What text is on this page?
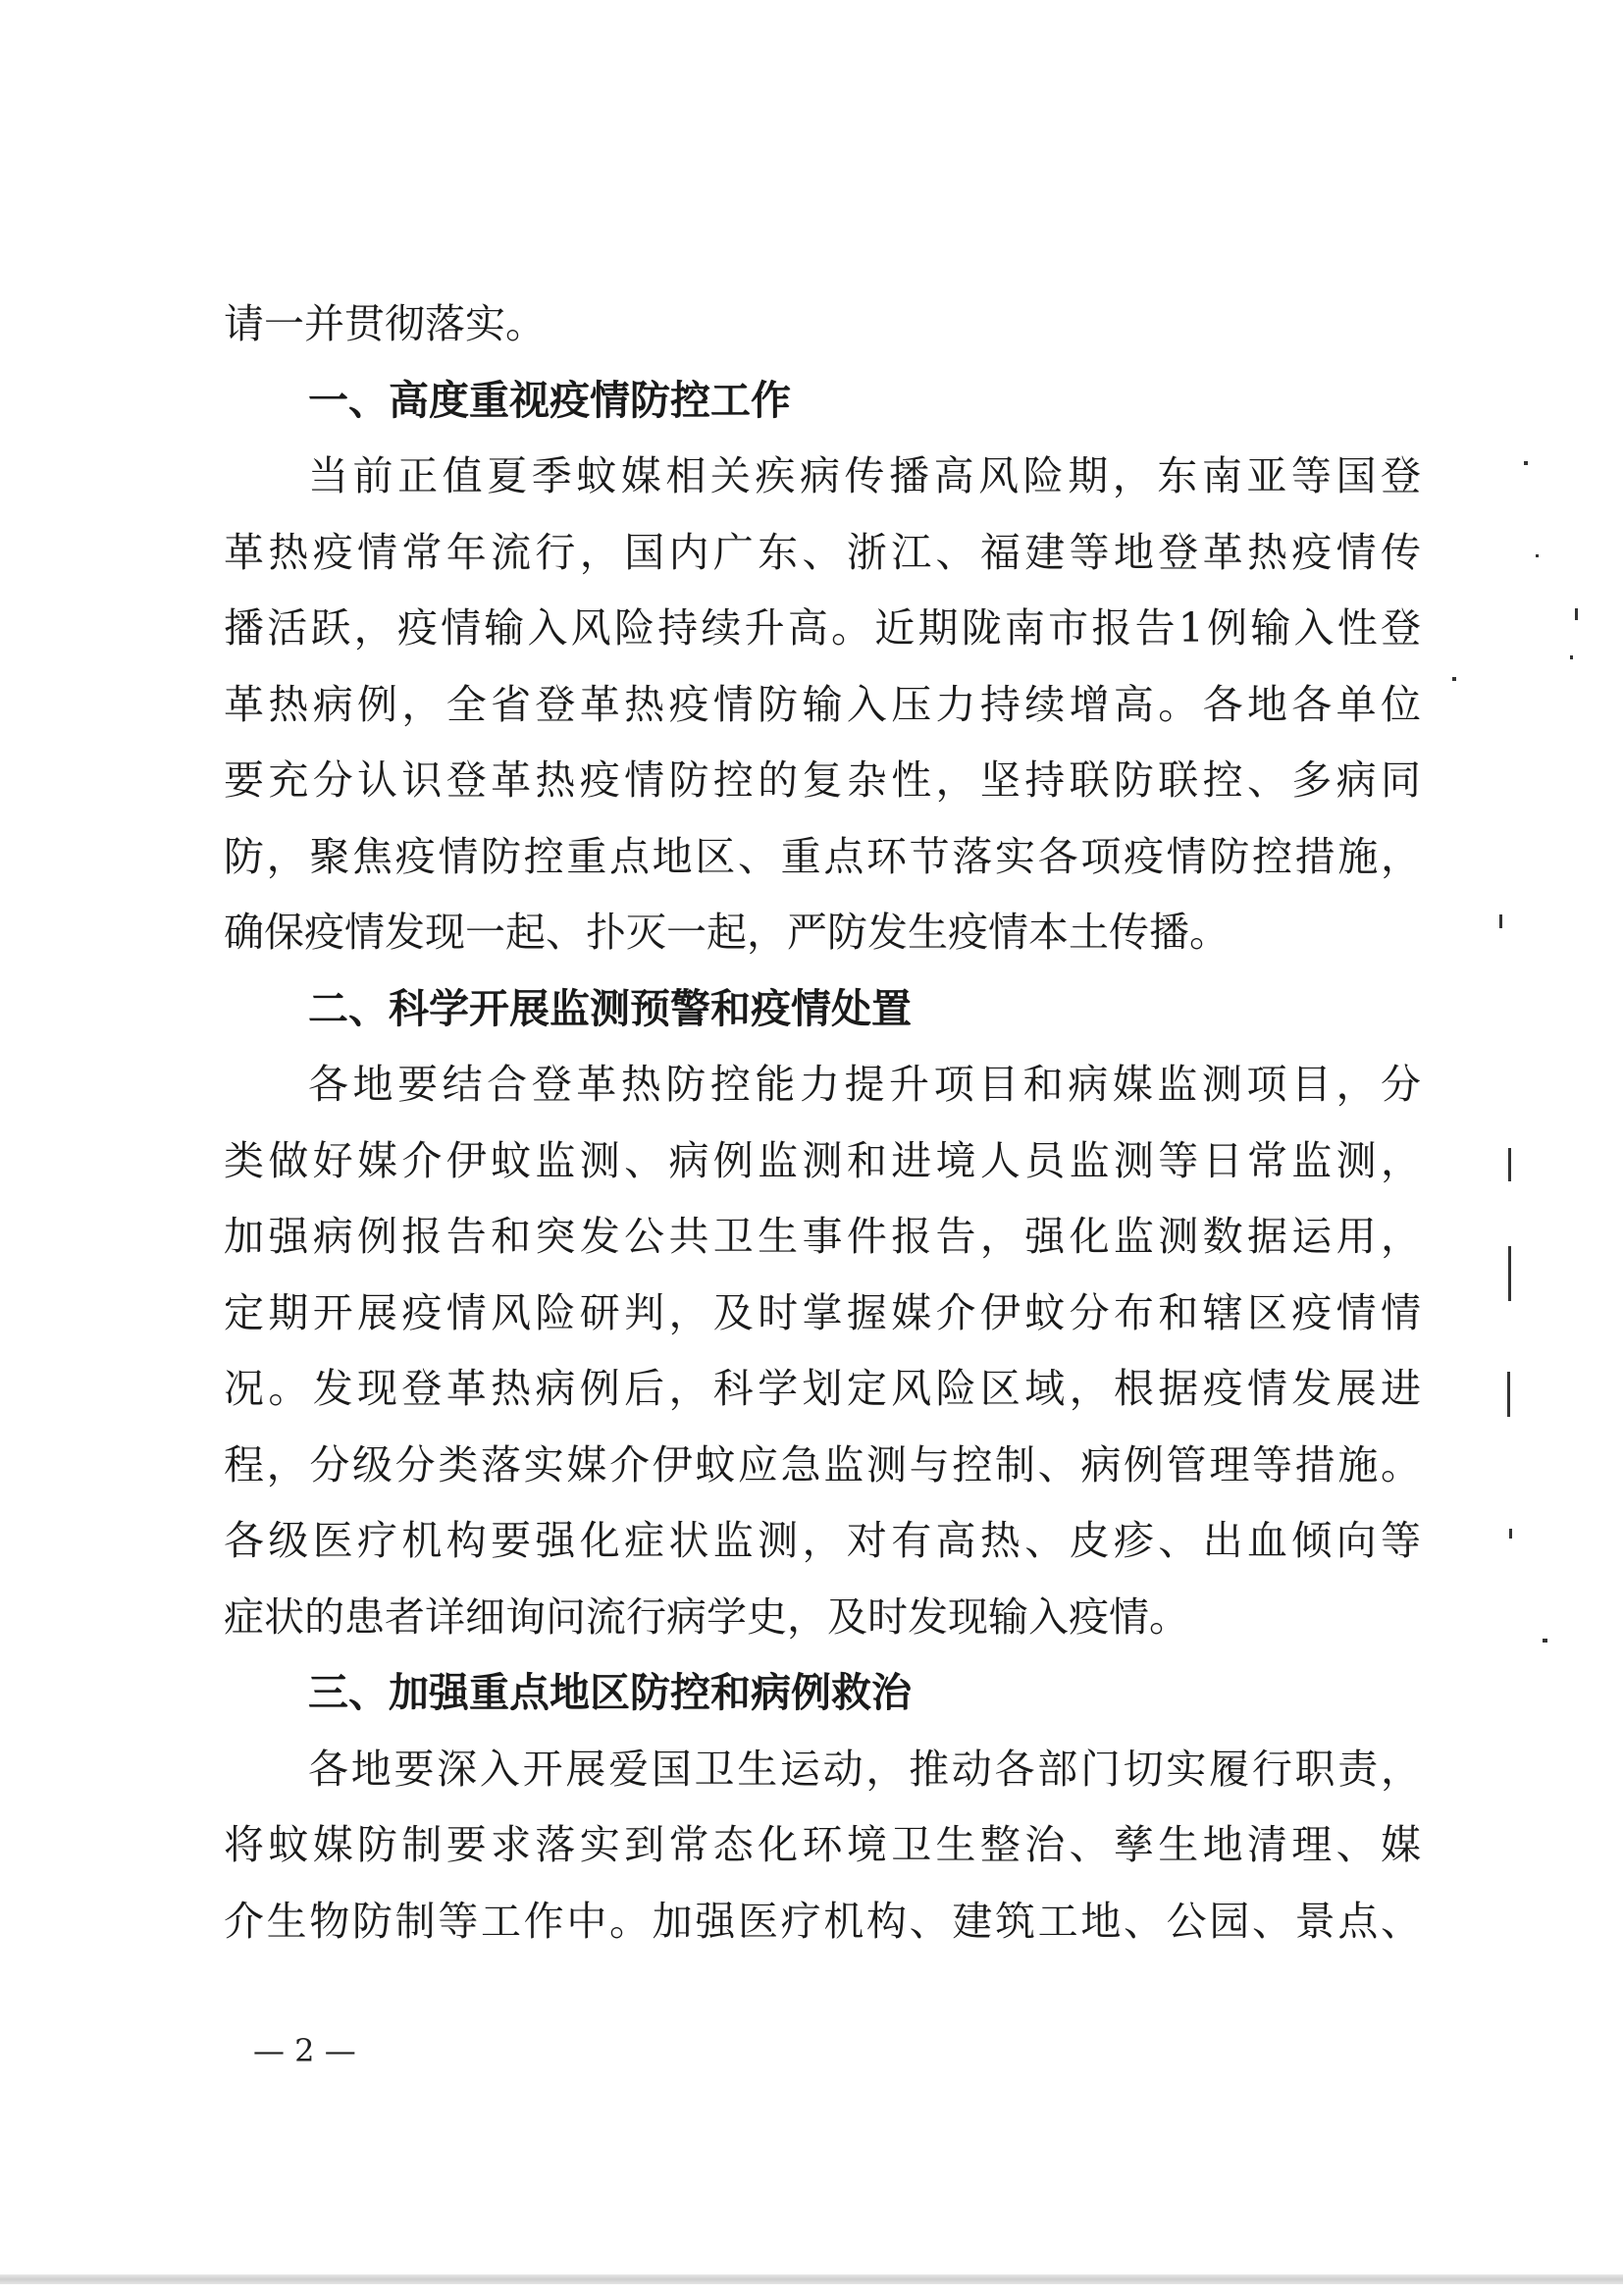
请一并贯彻落实。
一、高度重视疫情防控工作
当前正值夏季蚊媒相关疾病传播高风险期，东南亚等国登
革热疫情常年流行，国内广东、浙江、福建等地登革热疫情传
播活跃，疫情输入风险持续升高。近期陇南市报告1例输入性登
革热病例，全省登革热疫情防输入压力持续增高。各地各单位
要充分认识登革热疫情防控的复杂性，坚持联防联控、多病同
防，聚焦疫情防控重点地区、重点环节落实各项疫情防控措施，
确保疫情发现一起、扑灭一起，严防发生疫情本土传播。
二、科学开展监测预警和疫情处置
各地要结合登革热防控能力提升项目和病媒监测项目，分
类做好媒介伊蚊监测、病例监测和进境人员监测等日常监测，
加强病例报告和突发公共卫生事件报告，强化监测数据运用，
定期开展疫情风险研判，及时掌握媒介伊蚊分布和辖区疫情情
况。发现登革热病例后，科学划定风险区域，根据疫情发展进
程，分级分类落实媒介伊蚊应急监测与控制、病例管理等措施。
各级医疗机构要强化症状监测，对有高热、皮疹、出血倾向等
症状的患者详细询问流行病学史，及时发现输入疫情。
三、加强重点地区防控和病例救治
各地要深入开展爱国卫生运动，推动各部门切实履行职责，
将蚊媒防制要求落实到常态化环境卫生整治、孳生地清理、媒
介生物防制等工作中。加强医疗机构、建筑工地、公园、景点、
— 2 —
